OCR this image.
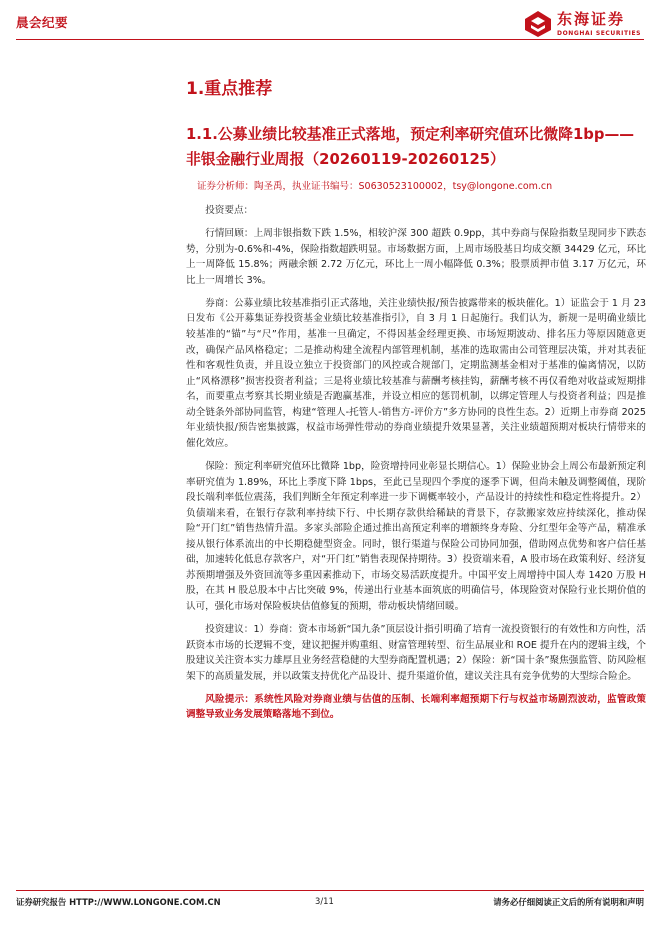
晨会纪要	东海证券
DONGHAI SECURITIES
1.重点推荐
1.1.公募业绩比较基准正式落地，预定利率研究值环比微降1bp——非银金融行业周报（20260119-20260125）
证券分析师：陶圣禹，执业证书编号：S0630523100002，tsy@longone.com.cn

投资要点：

行情回顾：上周非银指数下跌 1.5%，相较沪深 300 超跌 0.9pp，其中券商与保险指数呈现同步下跌态势，分别为-0.6%和-4%，保险指数超跌明显。市场数据方面，上周市场股基日均成交额 34429 亿元，环比上一周降低 15.8%；两融余额 2.72 万亿元，环比上一周小幅降低 0.3%；股票质押市值 3.17 万亿元，环比上一周增长 3%。

券商：公募业绩比较基准指引正式落地，关注业绩快报/预告披露带来的板块催化。1）证监会于 1 月 23 日发布《公开募集证券投资基金业绩比较基准指引》，自 3 月 1 日起施行。我们认为，新规一是明确业绩比较基准的“锚”与“尺”作用，基准一旦确定，不得因基金经理更换、市场短期波动、排名压力等原因随意更改，确保产品风格稳定；二是推动构建全流程内部管理机制，基准的选取需由公司管理层决策，并对其表征性和客观性负责，并且设立独立于投资部门的风控或合规部门，定期监测基金相对于基准的偏离情况，以防止“风格漂移”损害投资者利益；三是将业绩比较基准与薪酬考核挂钩，薪酬考核不再仅看绝对收益或短期排名，而要重点考察其长期业绩是否跑赢基准，并设立相应的惩罚机制，以绑定管理人与投资者利益；四是推动全链条外部协同监管，构建“管理人-托管人-销售方-评价方”多方协同的良性生态。2）近期上市券商 2025 年业绩快报/预告密集披露，权益市场弹性带动的券商业绩提升效果显著，关注业绩超预期对板块行情带来的催化效应。

保险：预定利率研究值环比微降 1bp，险资增持同业彰显长期信心。1）保险业协会上周公布最新预定利率研究值为 1.89%，环比上季度下降 1bps，至此已呈现四个季度的逐季下调，但尚未触及调整阈值，现阶段长端利率低位震荡，我们判断全年预定利率进一步下调概率较小，产品设计的持续性和稳定性将提升。2）负债端来看，在银行存款利率持续下行、中长期存款供给稀缺的背景下，存款搬家效应持续深化，推动保险“开门红”销售热情升温。多家头部险企通过推出高预定利率的增额终身寿险、分红型年金等产品，精准承接从银行体系流出的中长期稳健型资金。同时，银行渠道与保险公司协同加强，借助网点优势和客户信任基础，加速转化低息存款客户，对“开门红”销售表现保持期待。3）投资端来看，A 股市场在政策利好、经济复苏预期增强及外资回流等多重因素推动下，市场交易活跃度提升。中国平安上周增持中国人寿 1420 万股 H 股，在其 H 股总股本中占比突破 9%，传递出行业基本面筑底的明确信号，体现险资对保险行业长期价值的认可，强化市场对保险板块估值修复的预期，带动板块情绪回暖。

投资建议：1）券商：资本市场新“国九条”顶层设计指引明确了培育一流投资银行的有效性和方向性，活跃资本市场的长逻辑不变，建议把握并购重组、财富管理转型、衍生品展业和 ROE 提升在内的逻辑主线，个股建议关注资本实力雄厚且业务经营稳健的大型券商配置机遇；2）保险：新“国十条”聚焦强监管、防风险框架下的高质量发展，并以政策支持优化产品设计、提升渠道价值，建议关注具有竞争优势的大型综合险企。

风险提示：系统性风险对券商业绩与估值的压制、长端利率超预期下行与权益市场剧烈波动，监管政策调整导致业务发展策略落地不到位。

证券研究报告 HTTP://WWW.LONGONE.COM.CN	3/11	请务必仔细阅读正文后的所有说明和声明
